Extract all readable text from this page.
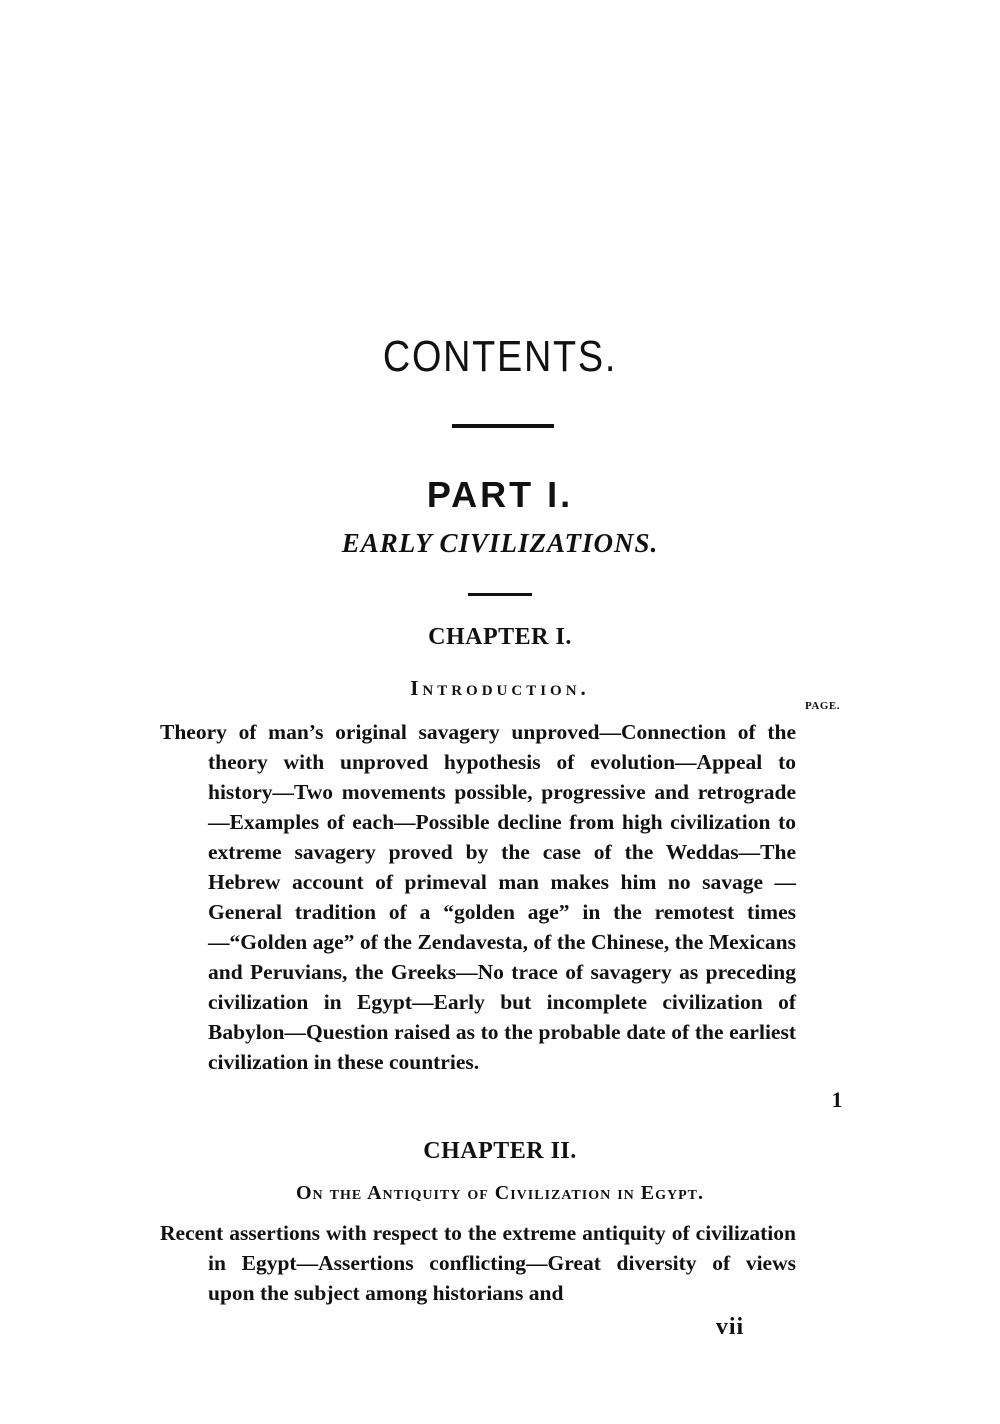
CONTENTS.
PART I.
EARLY CIVILIZATIONS.
CHAPTER I.
Introduction.
PAGE.

Theory of man’s original savagery unproved—Connection of the theory with unproved hypothesis of evolution—Appeal to history—Two movements possible, progressive and retrograde—Examples of each—Possible decline from high civilization to extreme savagery proved by the case of the Weddas—The Hebrew account of primeval man makes him no savage — General tradition of a “golden age” in the remotest times—“Golden age” of the Zendavesta, of the Chinese, the Mexicans and Peruvians, the Greeks—No trace of savagery as preceding civilization in Egypt—Early but incomplete civilization of Babylon—Question raised as to the probable date of the earliest civilization in these countries.

1
CHAPTER II.
On the Antiquity of Civilization in Egypt.

Recent assertions with respect to the extreme antiquity of civilization in Egypt—Assertions conflicting—Great diversity of views upon the subject among historians and

vii
